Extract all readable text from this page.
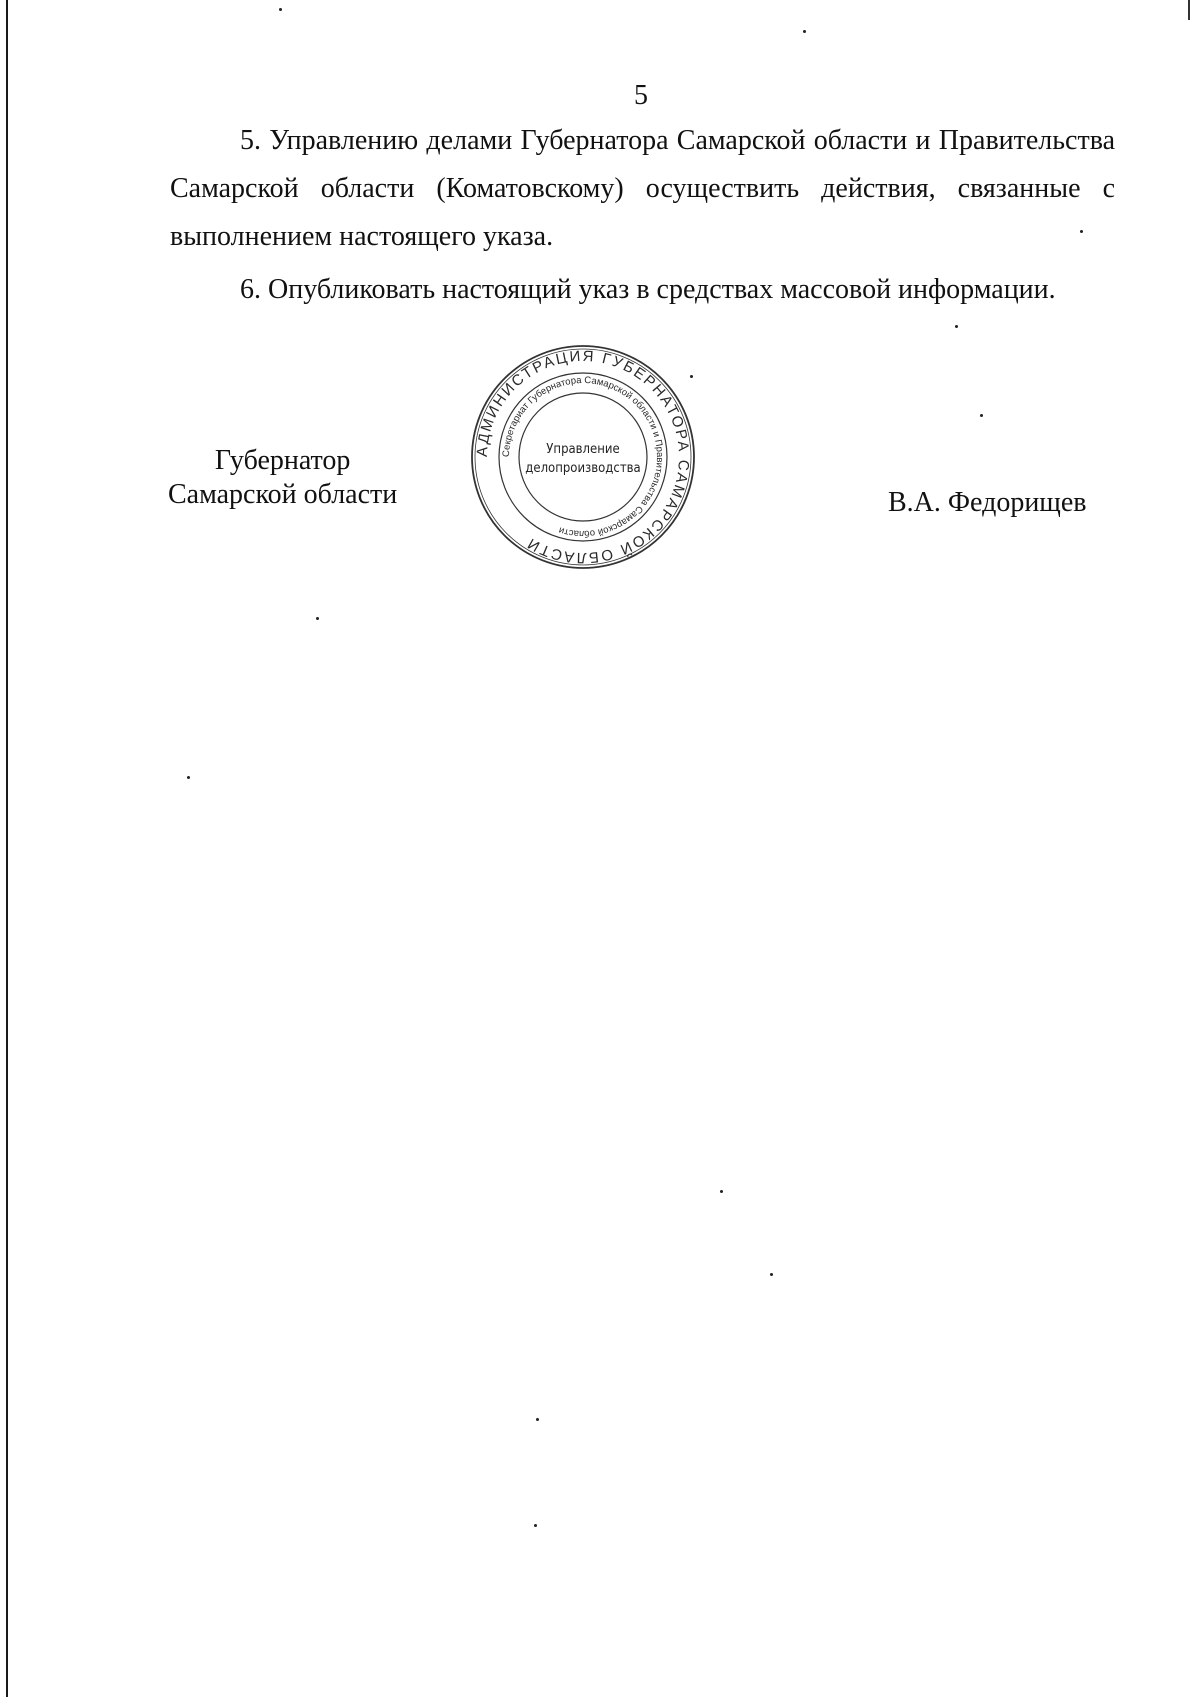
5
5. Управлению делами Губернатора Самарской области и Правительства Самарской области (Коматовскому) осуществить действия, связанные с выполнением настоящего указа.
6. Опубликовать настоящий указ в средствах массовой информации.
Губернатор
Самарской области
АДМИНИСТРАЦИЯ ГУБЕРНАТОРА САМАРСКОЙ ОБЛАСТИ
Секретариат Губернатора Самарской области и Правительства Самарской области
Управление
делопроизводства
В.А. Федорищев
